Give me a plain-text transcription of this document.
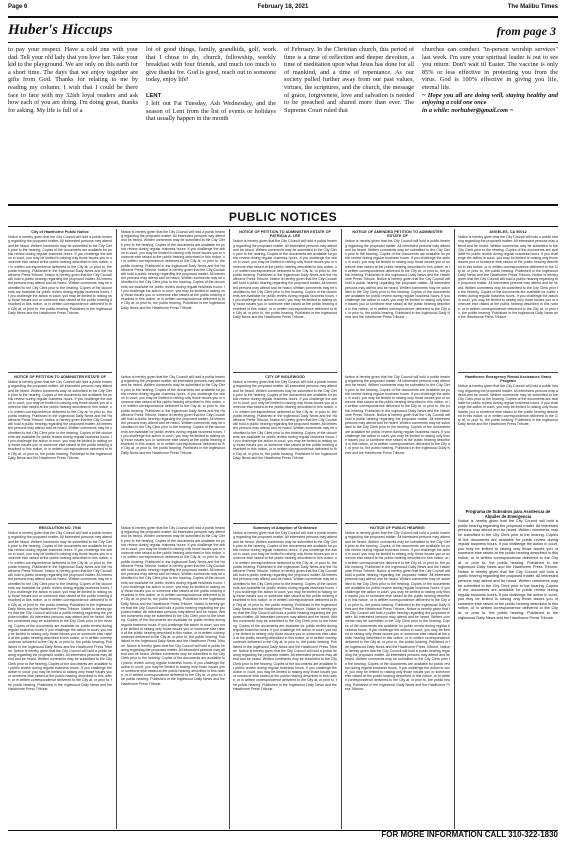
Page 6	February 18, 2021	The Malibu Times
Huber's Hiccups	from page 3
to pay your respect. Have a cold one with your dad. Tell your old lady that you love her. Take your kid to the playground. We are only on this earth for a short time. The days that we enjoy together are gifts from God. Thanks for relating to me by reading my column. I wish that I could be there face to face with my 32ish loyal readers and ask how each of you are doing. I'm doing great, thanks for asking. My life is full of a
lot of good things, family, grandkids, golf, work that I chose to do, church, fellowship, weekly breakfast with four friends, and much too much to give thanks for. God is good, reach out to someone today, enjoy life!

LENT
I left out Fat Tuesday, Ash Wednesday, and the season of Lent from the list of events or holidays that usually happen in the month
of February. In the Christian church, this period of time is a time of reflection and deeper devotion, a time of meditation upon what Jesus has done for all of mankind, and a time of repentance. As our society pulled further away from our past values, virtues, the scriptures, and the church, the message of grace, forgiveness, love and salvation is needed to be preached and shared more than ever. The Supreme Court ruled that
churches can conduct "in-person worship services" last week. I'm sure your spiritual leader is out to see you return. Don't wait til Easter. The vaccine is only 85% or less effective in protecting you from the virus. God is 100% effective in giving you life, eternal life.
~ Hope you all are doing well, staying healthy and enjoying a cold one once
in a while: norhuber@gmail.com ~
PUBLIC NOTICES
City of Hawthorne Public Notice
Notice is hereby given that the City Council will hold a public hearing regarding the proposed matter. All interested persons may attend and be heard. Written comments may be submitted to the City Clerk prior to the hearing. Copies of the documents are available for public review during regular business hours. If you challenge the action in court, you may be limited to raising only those issues you or someone else raised at the public hearing described in this notice, or in written correspondence delivered to the City at, or prior to, the public hearing. Published in the Inglewood Daily News and the Hawthorne Press Tribune. Notice is hereby given that the City Council will hold a public hearing regarding the proposed matter. All interested persons may attend and be heard. Written comments may be submitted to the City Clerk prior to the hearing. Copies of the documents are available for public review during regular business hours. If you challenge the action in court, you may be limited to raising only those issues you or someone else raised at the public hearing described in this notice, or in written correspondence delivered to the City at, or prior to, the public hearing. Published in the Inglewood Daily News and the Hawthorne Press Tribune.
Notice is hereby given that the City Council will hold a public hearing regarding the proposed matter. All interested persons may attend and be heard. Written comments may be submitted to the City Clerk prior to the hearing. Copies of the documents are available for public review during regular business hours. If you challenge the action in court, you may be limited to raising only those issues you or someone else raised at the public hearing described in this notice, or in written correspondence delivered to the City at, or prior to, the public hearing. Published in the Inglewood Daily News and the Hawthorne Press Tribune. Notice is hereby given that the City Council will hold a public hearing regarding the proposed matter. All interested persons may attend and be heard. Written comments may be submitted to the City Clerk prior to the hearing. Copies of the documents are available for public review during regular business hours. If you challenge the action in court, you may be limited to raising only those issues you or someone else raised at the public hearing described in this notice, or in written correspondence delivered to the City at, or prior to, the public hearing. Published in the Inglewood Daily News and the Hawthorne Press Tribune.
NOTICE OF PETITION TO ADMINISTER ESTATE OF PATRICIA A. LEE
Notice is hereby given that the City Council will hold a public hearing regarding the proposed matter. All interested persons may attend and be heard. Written comments may be submitted to the City Clerk prior to the hearing. Copies of the documents are available for public review during regular business hours. If you challenge the action in court, you may be limited to raising only those issues you or someone else raised at the public hearing described in this notice, or in written correspondence delivered to the City at, or prior to, the public hearing. Published in the Inglewood Daily News and the Hawthorne Press Tribune. Notice is hereby given that the City Council will hold a public hearing regarding the proposed matter. All interested persons may attend and be heard. Written comments may be submitted to the City Clerk prior to the hearing. Copies of the documents are available for public review during regular business hours. If you challenge the action in court, you may be limited to raising only those issues you or someone else raised at the public hearing described in this notice, or in written correspondence delivered to the City at, or prior to, the public hearing. Published in the Inglewood Daily News and the Hawthorne Press Tribune.
NOTICE OF AMENDED PETITION TO ADMINISTER ESTATE OF
Notice is hereby given that the City Council will hold a public hearing regarding the proposed matter. All interested persons may attend and be heard. Written comments may be submitted to the City Clerk prior to the hearing. Copies of the documents are available for public review during regular business hours. If you challenge the action in court, you may be limited to raising only those issues you or someone else raised at the public hearing described in this notice, or in written correspondence delivered to the City at, or prior to, the public hearing. Published in the Inglewood Daily News and the Hawthorne Press Tribune. Notice is hereby given that the City Council will hold a public hearing regarding the proposed matter. All interested persons may attend and be heard. Written comments may be submitted to the City Clerk prior to the hearing. Copies of the documents are available for public review during regular business hours. If you challenge the action in court, you may be limited to raising only those issues you or someone else raised at the public hearing described in this notice, or in written correspondence delivered to the City at, or prior to, the public hearing. Published in the Inglewood Daily News and the Hawthorne Press Tribune.
ANGELES, CA 90012
Notice is hereby given that the City Council will hold a public hearing regarding the proposed matter. All interested persons may attend and be heard. Written comments may be submitted to the City Clerk prior to the hearing. Copies of the documents are available for public review during regular business hours. If you challenge the action in court, you may be limited to raising only those issues you or someone else raised at the public hearing described in this notice, or in written correspondence delivered to the City at, or prior to, the public hearing. Published in the Inglewood Daily News and the Hawthorne Press Tribune. Notice is hereby given that the City Council will hold a public hearing regarding the proposed matter. All interested persons may attend and be heard. Written comments may be submitted to the City Clerk prior to the hearing. Copies of the documents are available for public review during regular business hours. If you challenge the action in court, you may be limited to raising only those issues you or someone else raised at the public hearing described in this notice, or in written correspondence delivered to the City at, or prior to, the public hearing. Published in the Inglewood Daily News and the Hawthorne Press Tribune.
NOTICE OF PETITION TO ADMINISTER ESTATE OF
Notice is hereby given that the City Council will hold a public hearing regarding the proposed matter. All interested persons may attend and be heard. Written comments may be submitted to the City Clerk prior to the hearing. Copies of the documents are available for public review during regular business hours. If you challenge the action in court, you may be limited to raising only those issues you or someone else raised at the public hearing described in this notice, or in written correspondence delivered to the City at, or prior to, the public hearing. Published in the Inglewood Daily News and the Hawthorne Press Tribune. Notice is hereby given that the City Council will hold a public hearing regarding the proposed matter. All interested persons may attend and be heard. Written comments may be submitted to the City Clerk prior to the hearing. Copies of the documents are available for public review during regular business hours. If you challenge the action in court, you may be limited to raising only those issues you or someone else raised at the public hearing described in this notice, or in written correspondence delivered to the City at, or prior to, the public hearing. Published in the Inglewood Daily News and the Hawthorne Press Tribune.
Notice is hereby given that the City Council will hold a public hearing regarding the proposed matter. All interested persons may attend and be heard. Written comments may be submitted to the City Clerk prior to the hearing. Copies of the documents are available for public review during regular business hours. If you challenge the action in court, you may be limited to raising only those issues you or someone else raised at the public hearing described in this notice, or in written correspondence delivered to the City at, or prior to, the public hearing. Published in the Inglewood Daily News and the Hawthorne Press Tribune. Notice is hereby given that the City Council will hold a public hearing regarding the proposed matter. All interested persons may attend and be heard. Written comments may be submitted to the City Clerk prior to the hearing. Copies of the documents are available for public review during regular business hours. If you challenge the action in court, you may be limited to raising only those issues you or someone else raised at the public hearing described in this notice, or in written correspondence delivered to the City at, or prior to, the public hearing. Published in the Inglewood Daily News and the Hawthorne Press Tribune.
CITY OF INGLEWOOD
Notice is hereby given that the City Council will hold a public hearing regarding the proposed matter. All interested persons may attend and be heard. Written comments may be submitted to the City Clerk prior to the hearing. Copies of the documents are available for public review during regular business hours. If you challenge the action in court, you may be limited to raising only those issues you or someone else raised at the public hearing described in this notice, or in written correspondence delivered to the City at, or prior to, the public hearing. Published in the Inglewood Daily News and the Hawthorne Press Tribune. Notice is hereby given that the City Council will hold a public hearing regarding the proposed matter. All interested persons may attend and be heard. Written comments may be submitted to the City Clerk prior to the hearing. Copies of the documents are available for public review during regular business hours. If you challenge the action in court, you may be limited to raising only those issues you or someone else raised at the public hearing described in this notice, or in written correspondence delivered to the City at, or prior to, the public hearing. Published in the Inglewood Daily News and the Hawthorne Press Tribune.
Notice is hereby given that the City Council will hold a public hearing regarding the proposed matter. All interested persons may attend and be heard. Written comments may be submitted to the City Clerk prior to the hearing. Copies of the documents are available for public review during regular business hours. If you challenge the action in court, you may be limited to raising only those issues you or someone else raised at the public hearing described in this notice, or in written correspondence delivered to the City at, or prior to, the public hearing. Published in the Inglewood Daily News and the Hawthorne Press Tribune. Notice is hereby given that the City Council will hold a public hearing regarding the proposed matter. All interested persons may attend and be heard. Written comments may be submitted to the City Clerk prior to the hearing. Copies of the documents are available for public review during regular business hours. If you challenge the action in court, you may be limited to raising only those issues you or someone else raised at the public hearing described in this notice, or in written correspondence delivered to the City at, or prior to, the public hearing. Published in the Inglewood Daily News and the Hawthorne Press Tribune.
Hawthorne Emergency Rental Assistance Grant Program
Notice is hereby given that the City Council will hold a public hearing regarding the proposed matter. All interested persons may attend and be heard. Written comments may be submitted to the City Clerk prior to the hearing. Copies of the documents are available for public review during regular business hours. If you challenge the action in court, you may be limited to raising only those issues you or someone else raised at the public hearing described in this notice, or in written correspondence delivered to the City at, or prior to, the public hearing. Published in the Inglewood Daily News and the Hawthorne Press Tribune.
Programa de Subsidios para Asistencia de Alquiler de Emergencia
Notice is hereby given that the City Council will hold a public hearing regarding the proposed matter. All interested persons may attend and be heard. Written comments may be submitted to the City Clerk prior to the hearing. Copies of the documents are available for public review during regular business hours. If you challenge the action in court, you may be limited to raising only those issues you or someone else raised at the public hearing described in this notice, or in written correspondence delivered to the City at, or prior to, the public hearing. Published in the Inglewood Daily News and the Hawthorne Press Tribune. Notice is hereby given that the City Council will hold a public hearing regarding the proposed matter. All interested persons may attend and be heard. Written comments may be submitted to the City Clerk prior to the hearing. Copies of the documents are available for public review during regular business hours. If you challenge the action in court, you may be limited to raising only those issues you or someone else raised at the public hearing described in this notice, or in written correspondence delivered to the City at, or prior to, the public hearing. Published in the Inglewood Daily News and the Hawthorne Press Tribune.
RESOLUTION NO. 7946
Notice is hereby given that the City Council will hold a public hearing regarding the proposed matter. All interested persons may attend and be heard. Written comments may be submitted to the City Clerk prior to the hearing. Copies of the documents are available for public review during regular business hours. If you challenge the action in court, you may be limited to raising only those issues you or someone else raised at the public hearing described in this notice, or in written correspondence delivered to the City at, or prior to, the public hearing. Published in the Inglewood Daily News and the Hawthorne Press Tribune. Notice is hereby given that the City Council will hold a public hearing regarding the proposed matter. All interested persons may attend and be heard. Written comments may be submitted to the City Clerk prior to the hearing. Copies of the documents are available for public review during regular business hours. If you challenge the action in court, you may be limited to raising only those issues you or someone else raised at the public hearing described in this notice, or in written correspondence delivered to the City at, or prior to, the public hearing. Published in the Inglewood Daily News and the Hawthorne Press Tribune. Notice is hereby given that the City Council will hold a public hearing regarding the proposed matter. All interested persons may attend and be heard. Written comments may be submitted to the City Clerk prior to the hearing. Copies of the documents are available for public review during regular business hours. If you challenge the action in court, you may be limited to raising only those issues you or someone else raised at the public hearing described in this notice, or in written correspondence delivered to the City at, or prior to, the public hearing. Published in the Inglewood Daily News and the Hawthorne Press Tribune. Notice is hereby given that the City Council will hold a public hearing regarding the proposed matter. All interested persons may attend and be heard. Written comments may be submitted to the City Clerk prior to the hearing. Copies of the documents are available for public review during regular business hours. If you challenge the action in court, you may be limited to raising only those issues you or someone else raised at the public hearing described in this notice, or in written correspondence delivered to the City at, or prior to, the public hearing. Published in the Inglewood Daily News and the Hawthorne Press Tribune.
Notice is hereby given that the City Council will hold a public hearing regarding the proposed matter. All interested persons may attend and be heard. Written comments may be submitted to the City Clerk prior to the hearing. Copies of the documents are available for public review during regular business hours. If you challenge the action in court, you may be limited to raising only those issues you or someone else raised at the public hearing described in this notice, or in written correspondence delivered to the City at, or prior to, the public hearing. Published in the Inglewood Daily News and the Hawthorne Press Tribune. Notice is hereby given that the City Council will hold a public hearing regarding the proposed matter. All interested persons may attend and be heard. Written comments may be submitted to the City Clerk prior to the hearing. Copies of the documents are available for public review during regular business hours. If you challenge the action in court, you may be limited to raising only those issues you or someone else raised at the public hearing described in this notice, or in written correspondence delivered to the City at, or prior to, the public hearing. Published in the Inglewood Daily News and the Hawthorne Press Tribune. Notice is hereby given that the City Council will hold a public hearing regarding the proposed matter. All interested persons may attend and be heard. Written comments may be submitted to the City Clerk prior to the hearing. Copies of the documents are available for public review during regular business hours. If you challenge the action in court, you may be limited to raising only those issues you or someone else raised at the public hearing described in this notice, or in written correspondence delivered to the City at, or prior to, the public hearing. Published in the Inglewood Daily News and the Hawthorne Press Tribune. Notice is hereby given that the City Council will hold a public hearing regarding the proposed matter. All interested persons may attend and be heard. Written comments may be submitted to the City Clerk prior to the hearing. Copies of the documents are available for public review during regular business hours. If you challenge the action in court, you may be limited to raising only those issues you or someone else raised at the public hearing described in this notice, or in written correspondence delivered to the City at, or prior to, the public hearing. Published in the Inglewood Daily News and the Hawthorne Press Tribune.
Summary of Adoption of Ordinance
Notice is hereby given that the City Council will hold a public hearing regarding the proposed matter. All interested persons may attend and be heard. Written comments may be submitted to the City Clerk prior to the hearing. Copies of the documents are available for public review during regular business hours. If you challenge the action in court, you may be limited to raising only those issues you or someone else raised at the public hearing described in this notice, or in written correspondence delivered to the City at, or prior to, the public hearing. Published in the Inglewood Daily News and the Hawthorne Press Tribune. Notice is hereby given that the City Council will hold a public hearing regarding the proposed matter. All interested persons may attend and be heard. Written comments may be submitted to the City Clerk prior to the hearing. Copies of the documents are available for public review during regular business hours. If you challenge the action in court, you may be limited to raising only those issues you or someone else raised at the public hearing described in this notice, or in written correspondence delivered to the City at, or prior to, the public hearing. Published in the Inglewood Daily News and the Hawthorne Press Tribune. Notice is hereby given that the City Council will hold a public hearing regarding the proposed matter. All interested persons may attend and be heard. Written comments may be submitted to the City Clerk prior to the hearing. Copies of the documents are available for public review during regular business hours. If you challenge the action in court, you may be limited to raising only those issues you or someone else raised at the public hearing described in this notice, or in written correspondence delivered to the City at, or prior to, the public hearing. Published in the Inglewood Daily News and the Hawthorne Press Tribune. Notice is hereby given that the City Council will hold a public hearing regarding the proposed matter. All interested persons may attend and be heard. Written comments may be submitted to the City Clerk prior to the hearing. Copies of the documents are available for public review during regular business hours. If you challenge the action in court, you may be limited to raising only those issues you or someone else raised at the public hearing described in this notice, or in written correspondence delivered to the City at, or prior to, the public hearing. Published in the Inglewood Daily News and the Hawthorne Press Tribune.
NOTICE OF PUBLIC HEARING
Notice is hereby given that the City Council will hold a public hearing regarding the proposed matter. All interested persons may attend and be heard. Written comments may be submitted to the City Clerk prior to the hearing. Copies of the documents are available for public review during regular business hours. If you challenge the action in court, you may be limited to raising only those issues you or someone else raised at the public hearing described in this notice, or in written correspondence delivered to the City at, or prior to, the public hearing. Published in the Inglewood Daily News and the Hawthorne Press Tribune. Notice is hereby given that the City Council will hold a public hearing regarding the proposed matter. All interested persons may attend and be heard. Written comments may be submitted to the City Clerk prior to the hearing. Copies of the documents are available for public review during regular business hours. If you challenge the action in court, you may be limited to raising only those issues you or someone else raised at the public hearing described in this notice, or in written correspondence delivered to the City at, or prior to, the public hearing. Published in the Inglewood Daily News and the Hawthorne Press Tribune. Notice is hereby given that the City Council will hold a public hearing regarding the proposed matter. All interested persons may attend and be heard. Written comments may be submitted to the City Clerk prior to the hearing. Copies of the documents are available for public review during regular business hours. If you challenge the action in court, you may be limited to raising only those issues you or someone else raised at the public hearing described in this notice, or in written correspondence delivered to the City at, or prior to, the public hearing. Published in the Inglewood Daily News and the Hawthorne Press Tribune. Notice is hereby given that the City Council will hold a public hearing regarding the proposed matter. All interested persons may attend and be heard. Written comments may be submitted to the City Clerk prior to the hearing. Copies of the documents are available for public review during regular business hours. If you challenge the action in court, you may be limited to raising only those issues you or someone else raised at the public hearing described in this notice, or in written correspondence delivered to the City at, or prior to, the public hearing. Published in the Inglewood Daily News and the Hawthorne Press Tribune.
FOR MORE INFORMATION CALL 310-322-1830
